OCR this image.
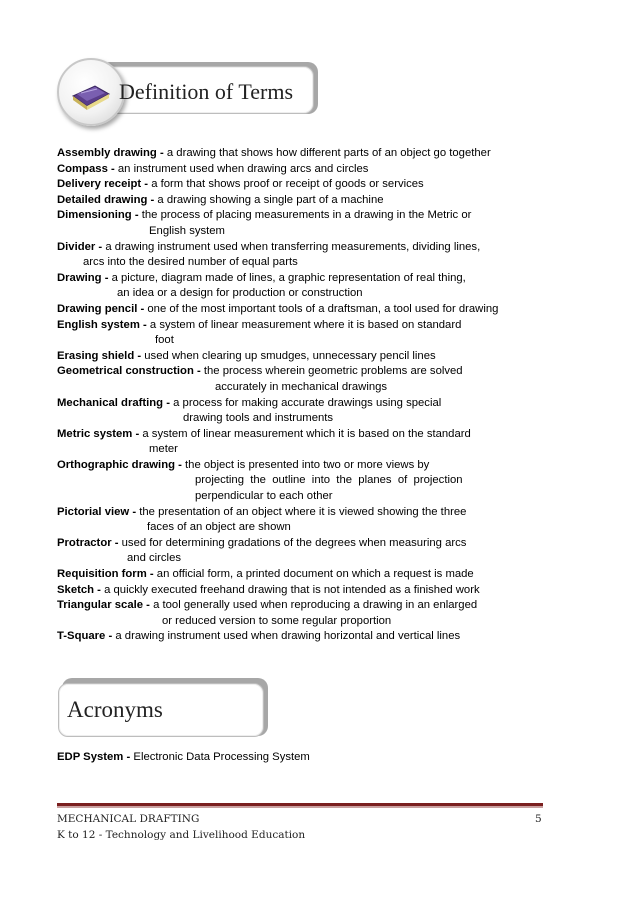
Definition of Terms
Assembly drawing - a drawing that shows how different parts of an object go together
Compass - an instrument used when drawing arcs and circles
Delivery receipt - a form that shows proof or receipt of goods or services
Detailed drawing - a drawing showing a single part of a machine
Dimensioning - the process of placing measurements in a drawing in the Metric or
English system
Divider - a drawing instrument used when transferring measurements, dividing lines,
arcs into the desired number of equal parts
Drawing - a picture, diagram made of lines, a graphic representation of real thing,
an idea or a design for production or construction
Drawing pencil - one of the most important tools of a draftsman, a tool used for drawing
English system - a system of linear measurement where it is based on standard
foot
Erasing shield - used when clearing up smudges, unnecessary pencil lines
Geometrical construction - the process wherein geometric problems are solved
accurately in mechanical drawings
Mechanical drafting - a process for making accurate drawings using special
drawing tools and instruments
Metric system - a system of linear measurement which it is based on the standard
meter
Orthographic drawing - the object is presented into two or more views by
projecting  the  outline  into  the  planes  of  projection
perpendicular to each other
Pictorial view - the presentation of an object where it is viewed showing the three
faces of an object are shown
Protractor - used for determining gradations of the degrees when measuring arcs
and circles
Requisition form - an official form, a printed document on which a request is made
Sketch - a quickly executed freehand drawing that is not intended as a finished work
Triangular scale - a tool generally used when reproducing a drawing in an enlarged
or reduced version to some regular proportion
T-Square - a drawing instrument used when drawing horizontal and vertical lines
Acronyms
EDP System - Electronic Data Processing System
MECHANICAL DRAFTING
K to 12 - Technology and Livelihood Education
5
